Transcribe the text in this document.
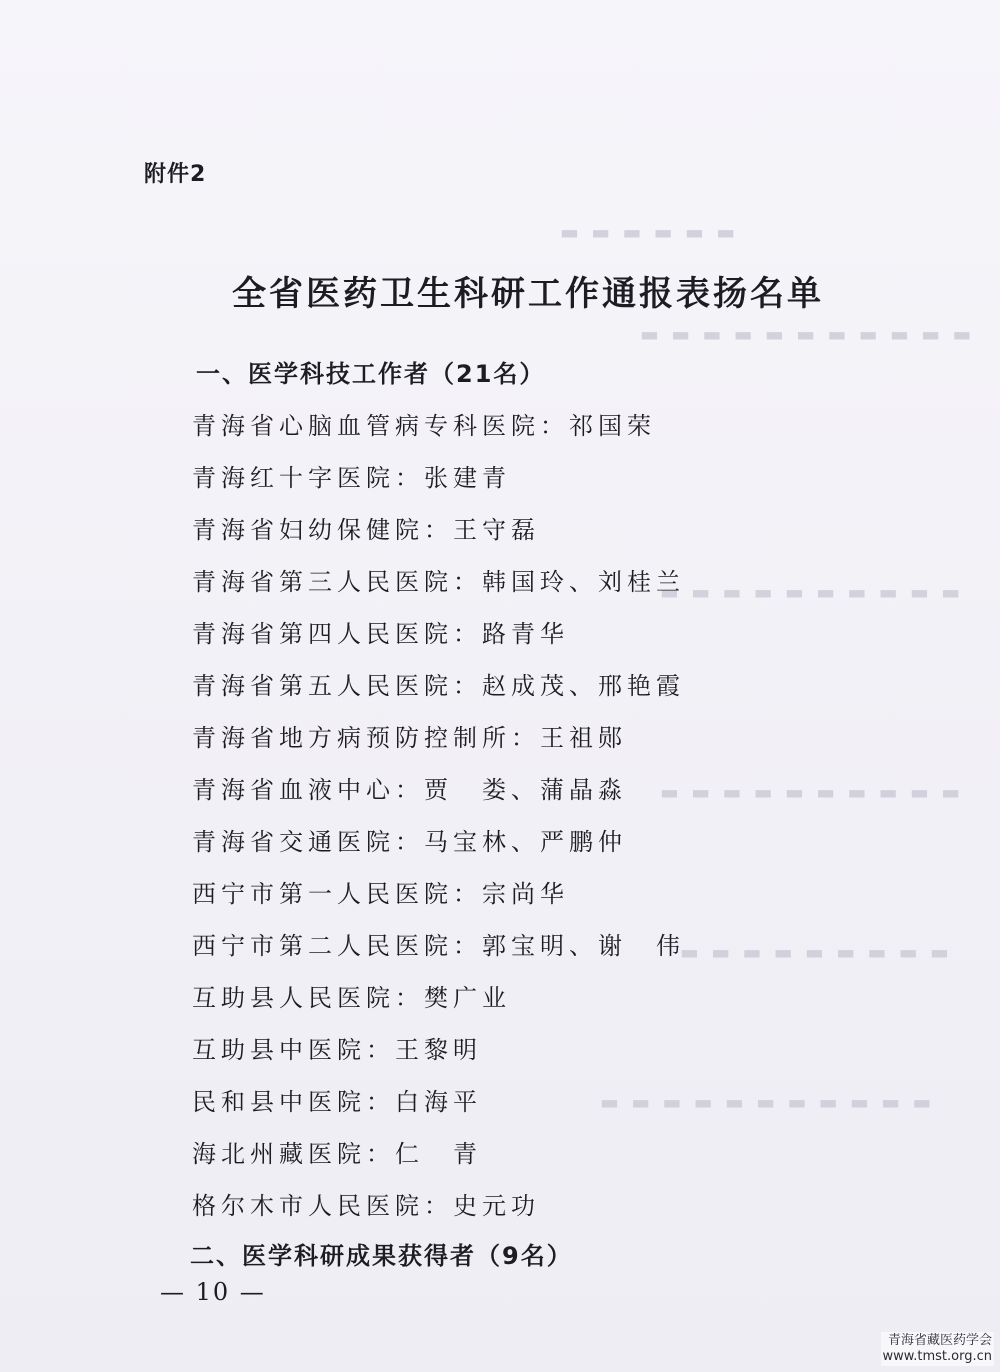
▬ ▬ ▬ ▬ ▬ ▬
▬ ▬ ▬ ▬ ▬ ▬ ▬ ▬ ▬ ▬ ▬
▬ ▬ ▬ ▬ ▬ ▬ ▬ ▬ ▬ ▬
▬ ▬ ▬ ▬ ▬ ▬ ▬ ▬ ▬ ▬
▬ ▬ ▬ ▬ ▬ ▬ ▬ ▬ ▬
▬ ▬ ▬ ▬ ▬ ▬ ▬ ▬ ▬ ▬ ▬
附件2
全省医药卫生科研工作通报表扬名单
一、医学科技工作者（21名）
青海省心脑血管病专科医院：祁国荣
青海红十字医院：张建青
青海省妇幼保健院：王守磊
青海省第三人民医院：韩国玲、刘桂兰
青海省第四人民医院：路青华
青海省第五人民医院：赵成茂、邢艳霞
青海省地方病预防控制所：王祖郧
青海省血液中心：贾　娄、蒲晶淼
青海省交通医院：马宝林、严鹏仲
西宁市第一人民医院：宗尚华
西宁市第二人民医院：郭宝明、谢　伟
互助县人民医院：樊广业
互助县中医院：王黎明
民和县中医院：白海平
海北州藏医院：仁　青
格尔木市人民医院：史元功
二、医学科研成果获得者（9名）
— 10 —
青海省藏医药学会
www.tmst.org.cn
